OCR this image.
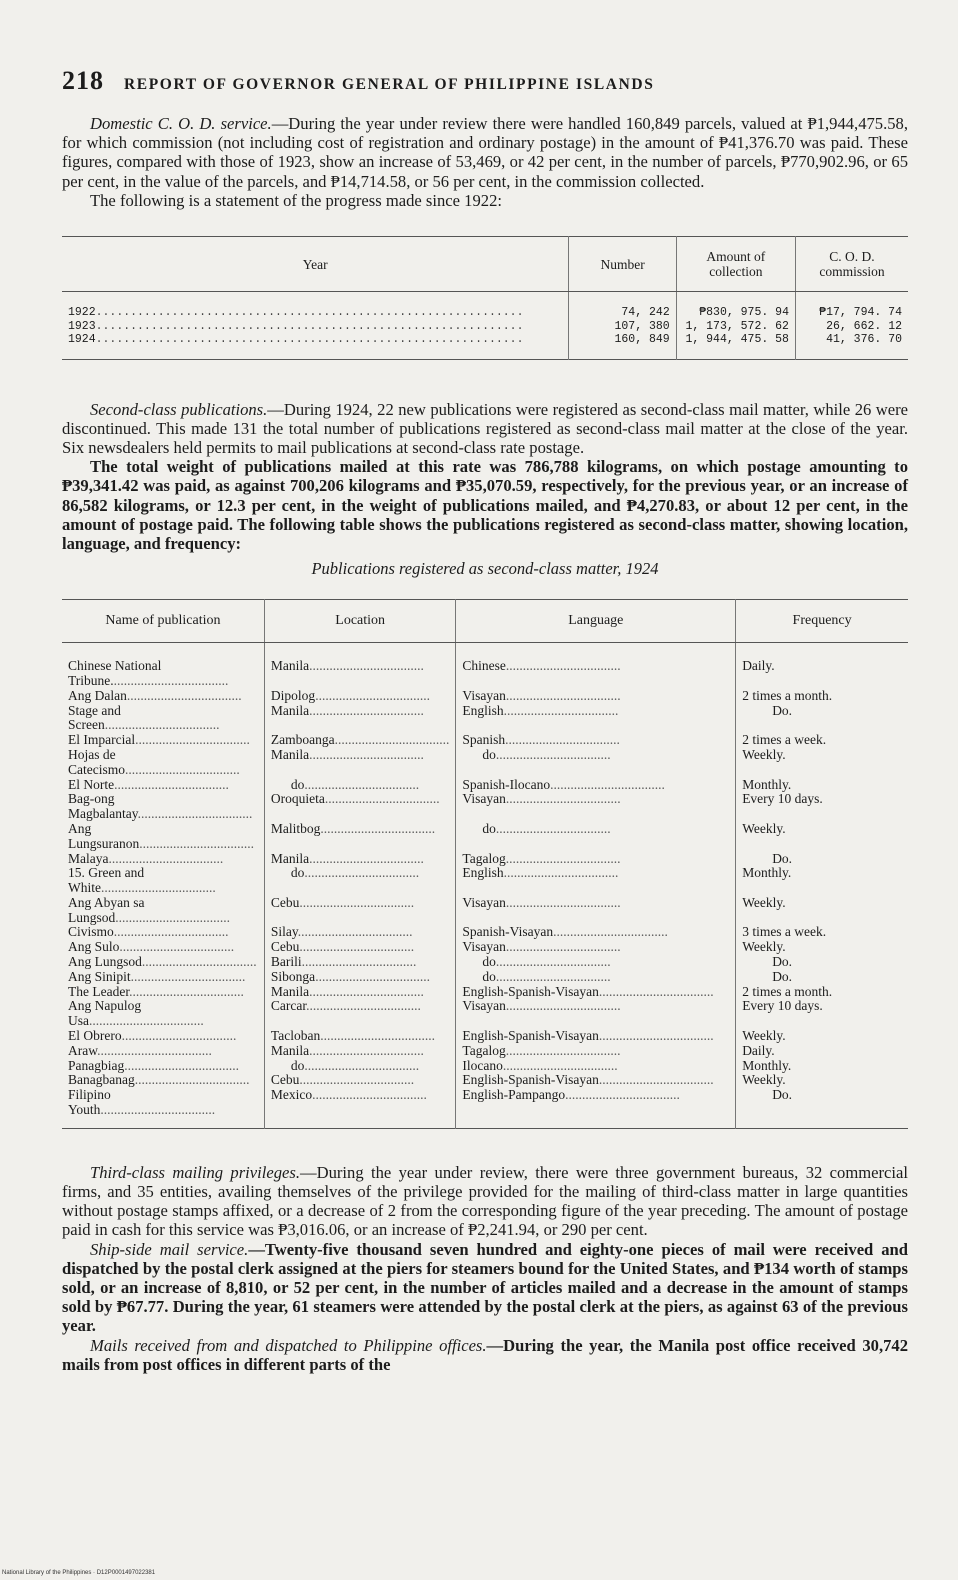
218 REPORT OF GOVERNOR GENERAL OF PHILIPPINE ISLANDS

Domestic C. O. D. service.—During the year under review there were handled 160,849 parcels, valued at ₱1,944,475.58, for which commission (not including cost of registration and ordinary postage) in the amount of ₱41,376.70 was paid. These figures, compared with those of 1923, show an increase of 53,469, or 42 per cent, in the number of parcels, ₱770,902.96, or 65 per cent, in the value of the parcels, and ₱14,714.58, or 56 per cent, in the commission collected.

The following is a statement of the progress made since 1922:

Year	Number	Amount of collection	C. O. D. commission
1922..............................................................	74, 242	₱830, 975. 94	₱17, 794. 74
1923..............................................................	107, 380	1, 173, 572. 62	26, 662. 12
1924..............................................................	160, 849	1, 944, 475. 58	41, 376. 70

Second-class publications.—During 1924, 22 new publications were registered as second-class mail matter, while 26 were discontinued. This made 131 the total number of publications registered as second-class mail matter at the close of the year. Six newsdealers held permits to mail publications at second-class rate postage.

The total weight of publications mailed at this rate was 786,788 kilograms, on which postage amounting to ₱39,341.42 was paid, as against 700,206 kilograms and ₱35,070.59, respectively, for the previous year, or an increase of 86,582 kilograms, or 12.3 per cent, in the weight of publications mailed, and ₱4,270.83, or about 12 per cent, in the amount of postage paid. The following table shows the publications registered as second-class matter, showing location, language, and frequency:

Publications registered as second-class matter, 1924
Name of publication	Location	Language	Frequency
Chinese National Tribune...................................	Manila..................................	Chinese..................................	Daily.
Ang Dalan..................................	Dipolog..................................	Visayan..................................	2 times a month.
Stage and Screen..................................	Manila..................................	English..................................	Do.
El Imparcial..................................	Zamboanga..................................	Spanish..................................	2 times a week.
Hojas de Catecismo..................................	Manila..................................	do..................................	Weekly.
El Norte..................................	do..................................	Spanish-Ilocano..................................	Monthly.
Bag-ong Magbalantay..................................	Oroquieta..................................	Visayan..................................	Every 10 days.
Ang Lungsuranon..................................	Malitbog..................................	do..................................	Weekly.
Malaya..................................	Manila..................................	Tagalog..................................	Do.
15. Green and White..................................	do..................................	English..................................	Monthly.
Ang Abyan sa Lungsod..................................	Cebu..................................	Visayan..................................	Weekly.
Civismo..................................	Silay..................................	Spanish-Visayan..................................	3 times a week.
Ang Sulo..................................	Cebu..................................	Visayan..................................	Weekly.
Ang Lungsod..................................	Barili..................................	do..................................	Do.
Ang Sinipit..................................	Sibonga..................................	do..................................	Do.
The Leader..................................	Manila..................................	English-Spanish-Visayan..................................	2 times a month.
Ang Napulog Usa..................................	Carcar..................................	Visayan..................................	Every 10 days.
El Obrero..................................	Tacloban..................................	English-Spanish-Visayan..................................	Weekly.
Araw..................................	Manila..................................	Tagalog..................................	Daily.
Panagbiag..................................	do..................................	Ilocano..................................	Monthly.
Banagbanag..................................	Cebu..................................	English-Spanish-Visayan..................................	Weekly.
Filipino Youth..................................	Mexico..................................	English-Pampango..................................	Do.

Third-class mailing privileges.—During the year under review, there were three government bureaus, 32 commercial firms, and 35 entities, availing themselves of the privilege provided for the mailing of third-class matter in large quantities without postage stamps affixed, or a decrease of 2 from the corresponding figure of the year preceding. The amount of postage paid in cash for this service was ₱3,016.06, or an increase of ₱2,241.94, or 290 per cent.

Ship-side mail service.—Twenty-five thousand seven hundred and eighty-one pieces of mail were received and dispatched by the postal clerk assigned at the piers for steamers bound for the United States, and ₱134 worth of stamps sold, or an increase of 8,810, or 52 per cent, in the number of articles mailed and a decrease in the amount of stamps sold by ₱67.77. During the year, 61 steamers were attended by the postal clerk at the piers, as against 63 of the previous year.

Mails received from and dispatched to Philippine offices.—During the year, the Manila post office received 30,742 mails from post offices in different parts of the

National Library of the Philippines · D12P0001497022381
